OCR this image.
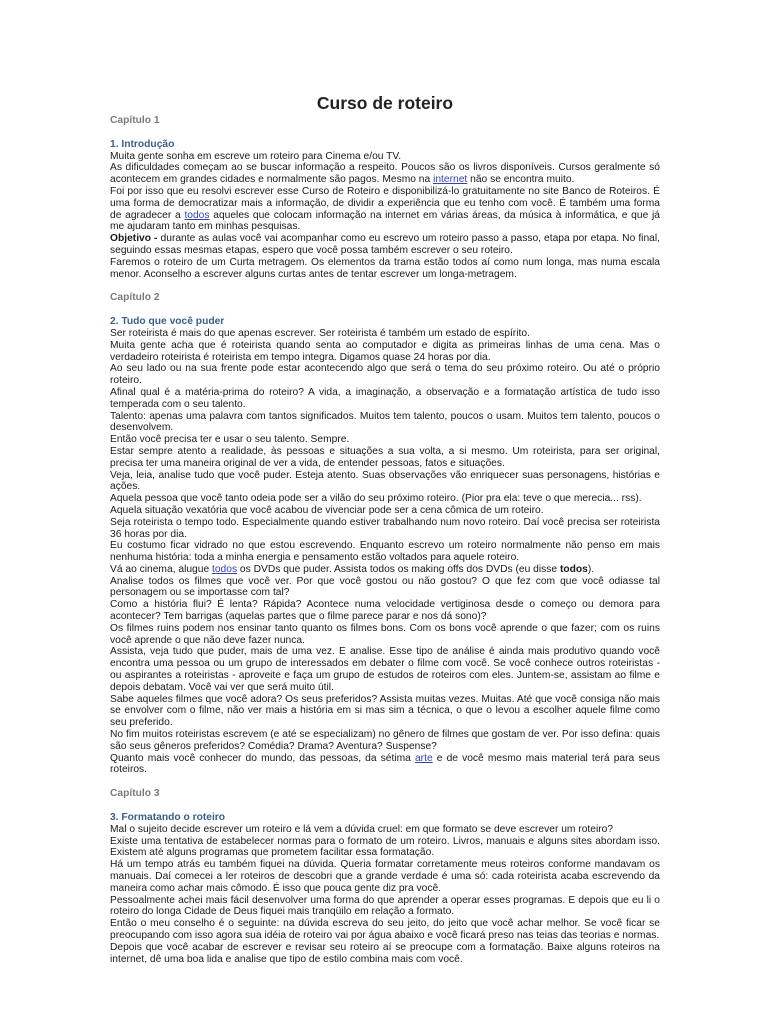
Curso de roteiro

Capítulo 1

1. Introdução

Muita gente sonha em escreve um roteiro para Cinema e/ou TV.

As dificuldades começam ao se buscar informação a respeito. Poucos são os livros disponíveis. Cursos geralmente só acontecem em grandes cidades e normalmente são pagos. Mesmo na internet não se encontra muito.

Foi por isso que eu resolvi escrever esse Curso de Roteiro e disponibilizá-lo gratuitamente no site Banco de Roteiros. É uma forma de democratizar mais a informação, de dividir a experiência que eu tenho com você. É também uma forma de agradecer a todos aqueles que colocam informação na internet em várias áreas, da música à informática, e que já me ajudaram tanto em minhas pesquisas.

Objetivo - durante as aulas você vai acompanhar como eu escrevo um roteiro passo a passo, etapa por etapa. No final, seguindo essas mesmas etapas, espero que você possa também escrever o seu roteiro.

Faremos o roteiro de um Curta metragem. Os elementos da trama estão todos aí como num longa, mas numa escala menor. Aconselho a escrever alguns curtas antes de tentar escrever um longa-metragem.

Capítulo 2

2. Tudo que você puder

Ser roteirista é mais do que apenas escrever. Ser roteirista é também um estado de espírito.

Muita gente acha que é roteirista quando senta ao computador e digita as primeiras linhas de uma cena. Mas o verdadeiro roteirista é roteirista em tempo integra. Digamos quase 24 horas por dia.

Ao seu lado ou na sua frente pode estar acontecendo algo que será o tema do seu próximo roteiro. Ou até o próprio roteiro.

Afinal qual é a matéria-prima do roteiro? A vida, a imaginação, a observação e a formatação artística de tudo isso temperada com o seu talento.

Talento: apenas uma palavra com tantos significados. Muitos tem talento, poucos o usam. Muitos tem talento, poucos o desenvolvem.

Então você precisa ter e usar o seu talento. Sempre.

Estar sempre atento a realidade, às pessoas e situações a sua volta, a si mesmo. Um roteirista, para ser original, precisa ter uma maneira original de ver a vida, de entender pessoas, fatos e situações.

Veja, leia, analise tudo que você puder. Esteja atento. Suas observações vão enriquecer suas personagens, histórias e ações.

Aquela pessoa que você tanto odeia pode ser a vilão do seu próximo roteiro. (Pior pra ela: teve o que merecia... rss).

Aquela situação vexatória que você acabou de vivenciar pode ser a cena cômica de um roteiro.

Seja roteirista o tempo todo. Especialmente quando estiver trabalhando num novo roteiro. Daí você precisa ser roteirista 36 horas por dia.

Eu costumo ficar vidrado no que estou escrevendo. Enquanto escrevo um roteiro normalmente não penso em mais nenhuma história: toda a minha energia e pensamento estão voltados para aquele roteiro.

Vá ao cinema, alugue todos os DVDs que puder. Assista todos os making offs dos DVDs (eu disse todos).

Analise todos os filmes que você ver. Por que você gostou ou não gostou? O que fez com que você odiasse tal personagem ou se importasse com tal?

Como a história flui? É lenta? Rápida? Acontece numa velocidade vertiginosa desde o começo ou demora para acontecer? Tem barrigas (aquelas partes que o filme parece parar e nos dá sono)?

Os filmes ruins podem nos ensinar tanto quanto os filmes bons. Com os bons você aprende o que fazer; com os ruins você aprende o que não deve fazer nunca.

Assista, veja tudo que puder, mais de uma vez. E analise. Esse tipo de análise é ainda mais produtivo quando você encontra uma pessoa ou um grupo de interessados em debater o filme com você. Se você conhece outros roteiristas - ou aspirantes a roteiristas - aproveite e faça um grupo de estudos de roteiros com eles. Juntem-se, assistam ao filme e depois debatam. Você vai ver que será muito útil.

Sabe aqueles filmes que você adora? Os seus preferidos? Assista muitas vezes. Muitas. Até que você consiga não mais se envolver com o filme, não ver mais a história em si mas sim a técnica, o que o levou a escolher aquele filme como seu preferido.

No fim muitos roteiristas escrevem (e até se especializam) no gênero de filmes que gostam de ver. Por isso defina: quais são seus gêneros preferidos? Comédia? Drama? Aventura? Suspense?

Quanto mais você conhecer do mundo, das pessoas, da sétima arte e de você mesmo mais material terá para seus roteiros.

Capítulo 3

3. Formatando o roteiro

Mal o sujeito decide escrever um roteiro e lá vem a dúvida cruel: em que formato se deve escrever um roteiro?

Existe uma tentativa de estabelecer normas para o formato de um roteiro. Livros, manuais e alguns sites abordam isso. Existem até alguns programas que prometem facilitar essa formatação.

Há um tempo atrás eu também fiquei na dúvida. Queria formatar corretamente meus roteiros conforme mandavam os manuais. Daí comecei a ler roteiros de descobri que a grande verdade é uma só: cada roteirista acaba escrevendo da maneira como achar mais cômodo. É isso que pouca gente diz pra você.

Pessoalmente achei mais fácil desenvolver uma forma do que aprender a operar esses programas. E depois que eu li o roteiro do longa Cidade de Deus fiquei mais tranqüilo em relação a formato.

Então o meu conselho é o seguinte: na dúvida escreva do seu jeito, do jeito que você achar melhor. Se você ficar se preocupando com isso agora sua idéia de roteiro vai por água abaixo e você ficará preso nas teias das teorias e normas.

Depois que você acabar de escrever e revisar seu roteiro aí se preocupe com a formatação. Baixe alguns roteiros na internet, dê uma boa lida e analise que tipo de estilo combina mais com você.
